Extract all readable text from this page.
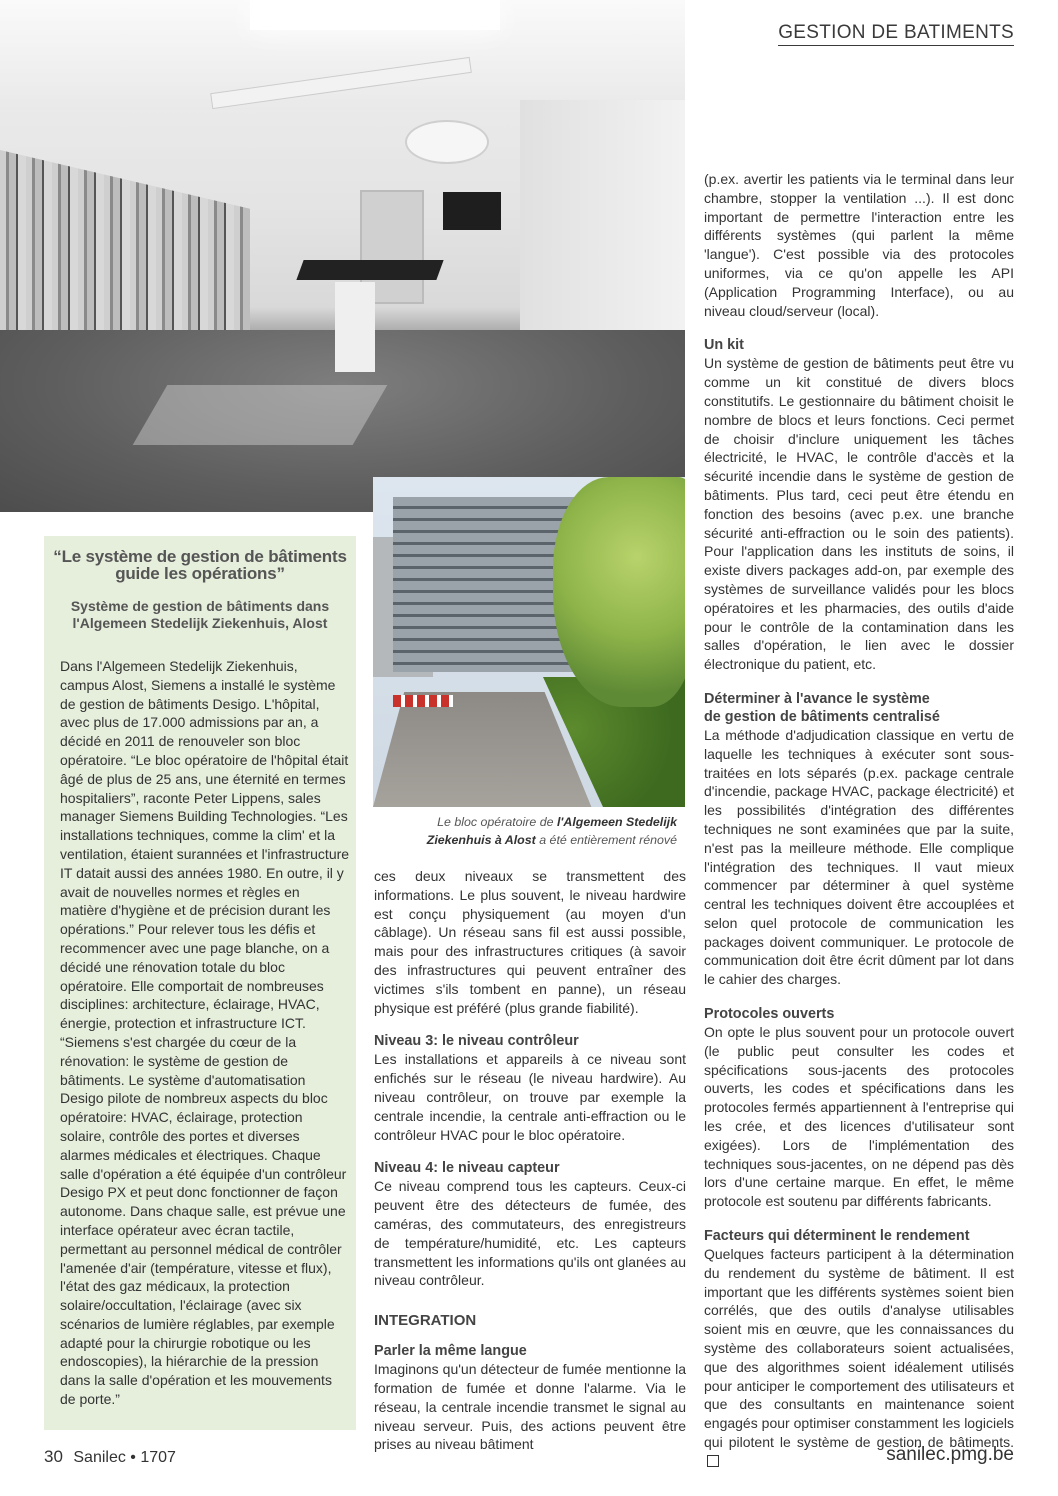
GESTION DE BATIMENTS
Le bloc opératoire de l'Algemeen Stedelijk Ziekenhuis à Alost a été entièrement rénové
“Le système de gestion de bâtiments
guide les opérations”
Système de gestion de bâtiments dans
l'Algemeen Stedelijk Ziekenhuis, Alost
Dans l'Algemeen Stedelijk Ziekenhuis, campus Alost, Siemens a installé le système de gestion de bâtiments Desigo. L'hôpital, avec plus de 17.000 admissions par an, a décidé en 2011 de renouveler son bloc opératoire. “Le bloc opératoire de l'hôpital était âgé de plus de 25 ans, une éternité en termes hospitaliers”, raconte Peter Lippens, sales manager Siemens Building Technologies. “Les installations techniques, comme la clim' et la ventilation, étaient surannées et l'infrastructure IT datait aussi des années 1980. En outre, il y avait de nouvelles normes et règles en matière d'hygiène et de précision durant les opérations.” Pour relever tous les défis et recommencer avec une page blanche, on a décidé une rénovation totale du bloc opératoire. Elle comportait de nombreuses disciplines: architecture, éclairage, HVAC, énergie, protection et infrastructure ICT. “Siemens s'est chargée du cœur de la rénovation: le système de gestion de bâtiments. Le système d'automatisation Desigo pilote de nombreux aspects du bloc opératoire: HVAC, éclairage, protection solaire, contrôle des portes et diverses alarmes médicales et électriques. Chaque salle d'opération a été équipée d'un contrôleur Desigo PX et peut donc fonctionner de façon autonome. Dans chaque salle, est prévue une interface opérateur avec écran tactile, permettant au personnel médical de contrôler l'amenée d'air (température, vitesse et flux), l'état des gaz médicaux, la protection solaire/occultation, l'éclairage (avec six scénarios de lumière réglables, par exemple adapté pour la chirurgie robotique ou les endoscopies), la hiérarchie de la pression dans la salle d'opération et les mouvements de porte.”

ces deux niveaux se transmettent des informations. Le plus souvent, le niveau hardwire est conçu physiquement (au moyen d'un câblage). Un réseau sans fil est aussi possible, mais pour des infrastructures critiques (à savoir des infrastructures qui peuvent entraîner des victimes s'ils tombent en panne), un réseau physique est préféré (plus grande fiabilité).

Niveau 3: le niveau contrôleur

Les installations et appareils à ce niveau sont enfichés sur le réseau (le niveau hardwire). Au niveau contrôleur, on trouve par exemple la centrale incendie, la centrale anti-effraction ou le contrôleur HVAC pour le bloc opératoire.

Niveau 4: le niveau capteur

Ce niveau comprend tous les capteurs. Ceux-ci peuvent être des détecteurs de fumée, des caméras, des commutateurs, des enregistreurs de température/humidité, etc. Les capteurs transmettent les informations qu'ils ont glanées au niveau contrôleur.

INTEGRATION
Parler la même langue

Imaginons qu'un détecteur de fumée mentionne la formation de fumée et donne l'alarme. Via le réseau, la centrale incendie transmet le signal au niveau serveur. Puis, des actions peuvent être prises au niveau bâtiment

(p.ex. avertir les patients via le terminal dans leur chambre, stopper la ventilation ...). Il est donc important de permettre l'interaction entre les différents systèmes (qui parlent la même 'langue'). C'est possible via des protocoles uniformes, via ce qu'on appelle les API (Application Programming Interface), ou au niveau cloud/serveur (local).

Un kit

Un système de gestion de bâtiments peut être vu comme un kit constitué de divers blocs constitutifs. Le gestionnaire du bâtiment choisit le nombre de blocs et leurs fonctions. Ceci permet de choisir d'inclure uniquement les tâches électricité, le HVAC, le contrôle d'accès et la sécurité incendie dans le système de gestion de bâtiments. Plus tard, ceci peut être étendu en fonction des besoins (avec p.ex. une branche sécurité anti-effraction ou le soin des patients). Pour l'application dans les instituts de soins, il existe divers packages add-on, par exemple des systèmes de surveillance validés pour les blocs opératoires et les pharmacies, des outils d'aide pour le contrôle de la contamination dans les salles d'opération, le lien avec le dossier électronique du patient, etc.

Déterminer à l'avance le système
de gestion de bâtiments centralisé

La méthode d'adjudication classique en vertu de laquelle les techniques à exécuter sont sous-traitées en lots séparés (p.ex. package centrale d'incendie, package HVAC, package électricité) et les possibilités d'intégration des différentes techniques ne sont examinées que par la suite, n'est pas la meilleure méthode. Elle complique l'intégration des techniques. Il vaut mieux commencer par déterminer à quel système central les techniques doivent être accouplées et selon quel protocole de communication les packages doivent communiquer. Le protocole de communication doit être écrit dûment par lot dans le cahier des charges.

Protocoles ouverts

On opte le plus souvent pour un protocole ouvert (le public peut consulter les codes et spécifications sous-jacents des protocoles ouverts, les codes et spécifications dans les protocoles fermés appartiennent à l'entreprise qui les crée, et des licences d'utilisateur sont exigées). Lors de l'implémentation des techniques sous-jacentes, on ne dépend pas dès lors d'une certaine marque. En effet, le même protocole est soutenu par différents fabricants.

Facteurs qui déterminent le rendement

Quelques facteurs participent à la détermination du rendement du système de bâtiment. Il est important que les différents systèmes soient bien corrélés, que des outils d'analyse utilisables soient mis en œuvre, que les connaissances du système des collaborateurs soient actualisées, que des algorithmes soient idéalement utilisés pour anticiper le comportement des utilisateurs et que des consultants en maintenance soient engagés pour optimiser constamment les logiciels qui pilotent le système de gestion de bâtiments.

30 Sanilec • 1707	sanilec.pmg.be
